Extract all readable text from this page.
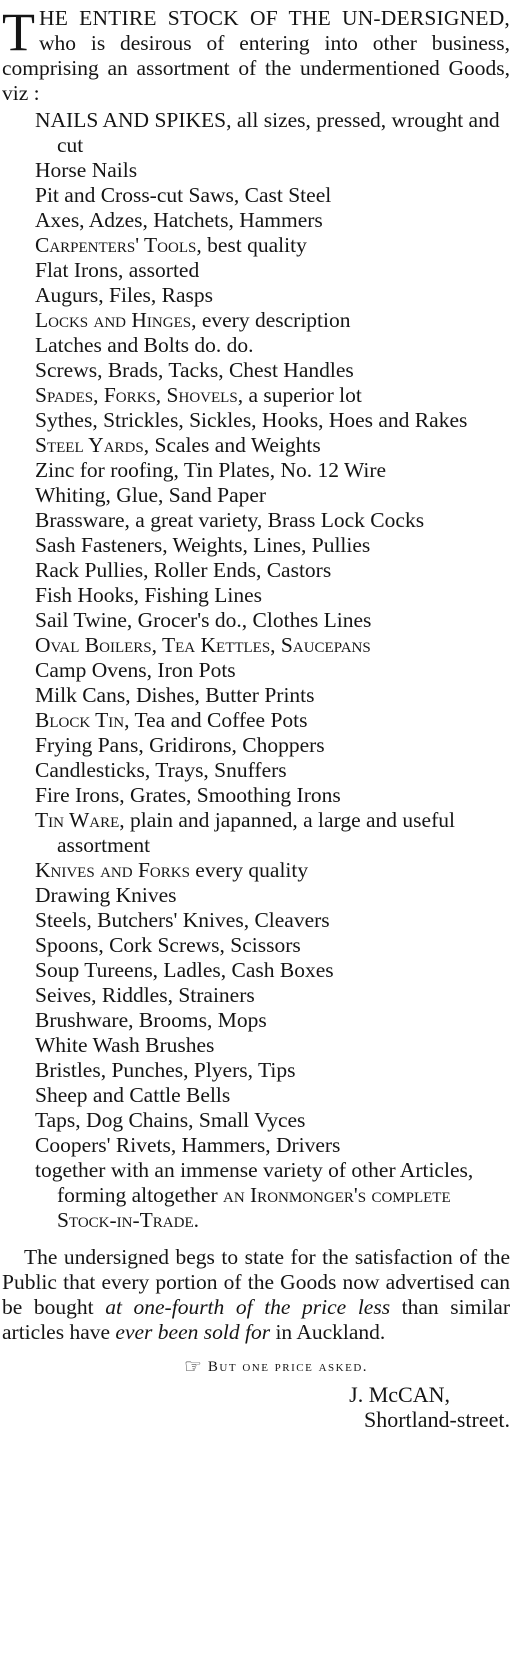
THE ENTIRE STOCK OF THE UN-DERSIGNED, who is desirous of entering into other business, comprising an assortment of the undermentioned Goods, viz :

NAILS AND SPIKES, all sizes, pressed, wrought and cut
Horse Nails
Pit and Cross-cut Saws, Cast Steel
Axes, Adzes, Hatchets, Hammers
Carpenters' Tools, best quality
Flat Irons, assorted
Augurs, Files, Rasps
Locks and Hinges, every description
Latches and Bolts do. do.
Screws, Brads, Tacks, Chest Handles
Spades, Forks, Shovels, a superior lot
Sythes, Strickles, Sickles, Hooks, Hoes and Rakes
Steel Yards, Scales and Weights
Zinc for roofing, Tin Plates, No. 12 Wire
Whiting, Glue, Sand Paper
Brassware, a great variety, Brass Lock Cocks
Sash Fasteners, Weights, Lines, Pullies
Rack Pullies, Roller Ends, Castors
Fish Hooks, Fishing Lines
Sail Twine, Grocer's do., Clothes Lines
Oval Boilers, Tea Kettles, Saucepans
Camp Ovens, Iron Pots
Milk Cans, Dishes, Butter Prints
Block Tin, Tea and Coffee Pots
Frying Pans, Gridirons, Choppers
Candlesticks, Trays, Snuffers
Fire Irons, Grates, Smoothing Irons
Tin Ware, plain and japanned, a large and useful assortment
Knives and Forks every quality
Drawing Knives
Steels, Butchers' Knives, Cleavers
Spoons, Cork Screws, Scissors
Soup Tureens, Ladles, Cash Boxes
Seives, Riddles, Strainers
Brushware, Brooms, Mops
White Wash Brushes
Bristles, Punches, Plyers, Tips
Sheep and Cattle Bells
Taps, Dog Chains, Small Vyces
Coopers' Rivets, Hammers, Drivers
together with an immense variety of other Articles, forming altogether an Ironmonger's complete Stock-in-Trade.

The undersigned begs to state for the satisfaction of the Public that every portion of the Goods now advertised can be bought at one-fourth of the price less than similar articles have ever been sold for in Auckland.

☞ But one price asked.
J. McCAN,
Shortland-street.
